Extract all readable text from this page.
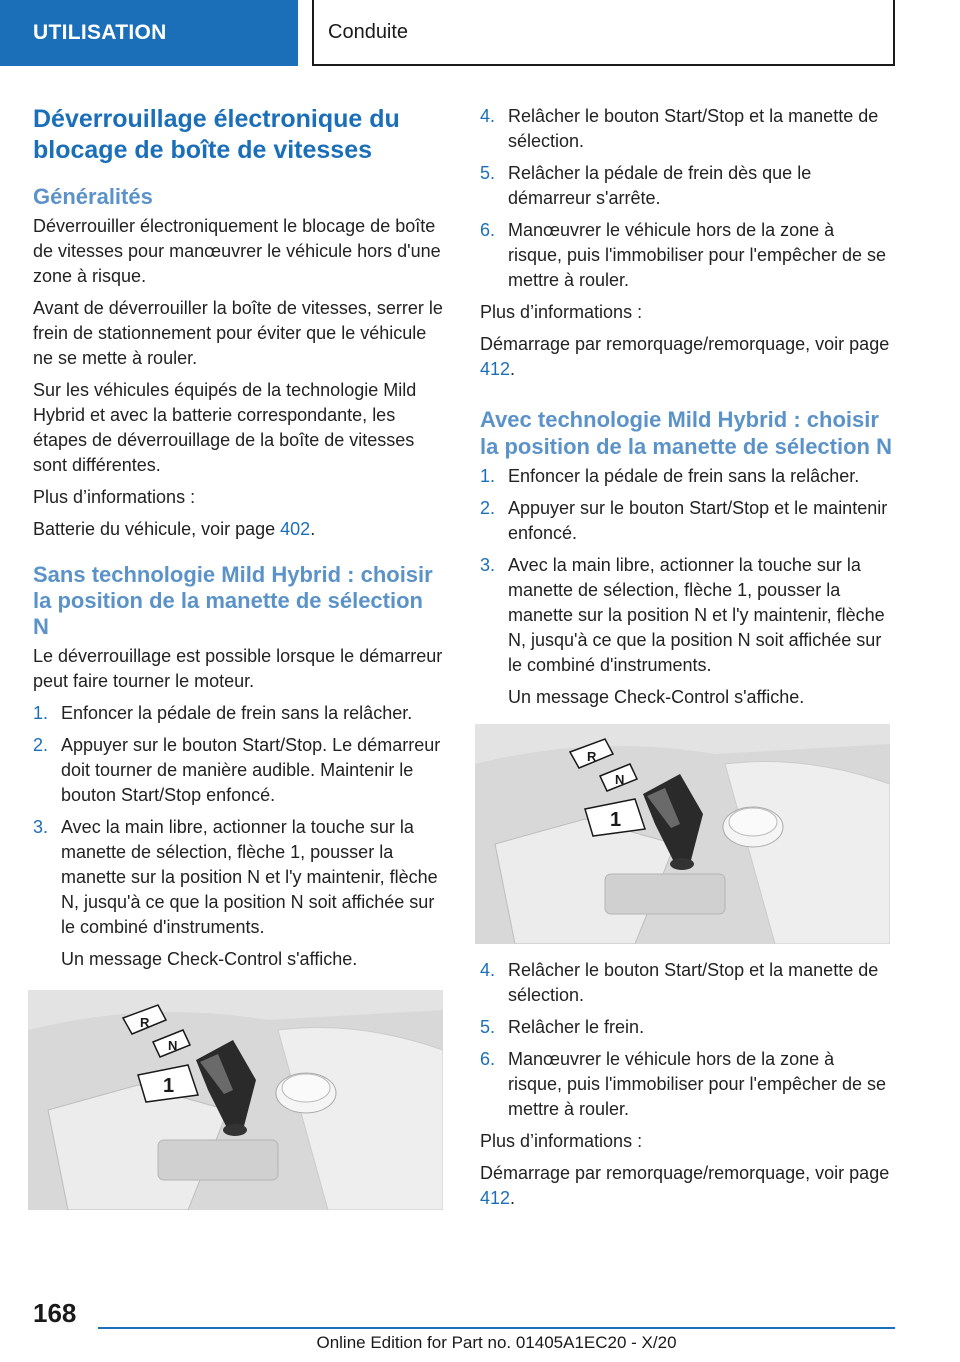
UTILISATION	Conduite
Déverrouillage électronique du blocage de boîte de vitesses
Généralités

Déverrouiller électroniquement le blocage de boîte de vitesses pour manœuvrer le véhicule hors d'une zone à risque.

Avant de déverrouiller la boîte de vitesses, serrer le frein de stationnement pour éviter que le véhicule ne se mette à rouler.

Sur les véhicules équipés de la technologie Mild Hybrid et avec la batterie correspondante, les étapes de déverrouillage de la boîte de vitesses sont différentes.

Plus d’informations :

Batterie du véhicule, voir page 402.

Sans technologie Mild Hybrid : choisir la position de la manette de sélection N

Le déverrouillage est possible lorsque le démarreur peut faire tourner le moteur.

1. Enfoncer la pédale de frein sans la relâcher.
2. Appuyer sur le bouton Start/Stop. Le démarreur doit tourner de manière audible. Maintenir le bouton Start/Stop enfoncé.
3. Avec la main libre, actionner la touche sur la manette de sélection, flèche 1, pousser la manette sur la position N et l'y maintenir, flèche N, jusqu'à ce que la position N soit affichée sur le combiné d'instruments.
Un message Check-Control s'affiche.
R
N
1
4. Relâcher le bouton Start/Stop et la manette de sélection.
5. Relâcher la pédale de frein dès que le démarreur s'arrête.
6. Manœuvrer le véhicule hors de la zone à risque, puis l'immobiliser pour l'empêcher de se mettre à rouler.

Plus d’informations :

Démarrage par remorquage/remorquage, voir page 412.

Avec technologie Mild Hybrid : choisir la position de la manette de sélection N
1. Enfoncer la pédale de frein sans la relâcher.
2. Appuyer sur le bouton Start/Stop et le maintenir enfoncé.
3. Avec la main libre, actionner la touche sur la manette de sélection, flèche 1, pousser la manette sur la position N et l'y maintenir, flèche N, jusqu'à ce que la position N soit affichée sur le combiné d'instruments.
Un message Check-Control s'affiche.
R
N
1
4. Relâcher le bouton Start/Stop et la manette de sélection.
5. Relâcher le frein.
6. Manœuvrer le véhicule hors de la zone à risque, puis l'immobiliser pour l'empêcher de se mettre à rouler.

Plus d’informations :

Démarrage par remorquage/remorquage, voir page 412.

168
Online Edition for Part no. 01405A1EC20 - X/20
